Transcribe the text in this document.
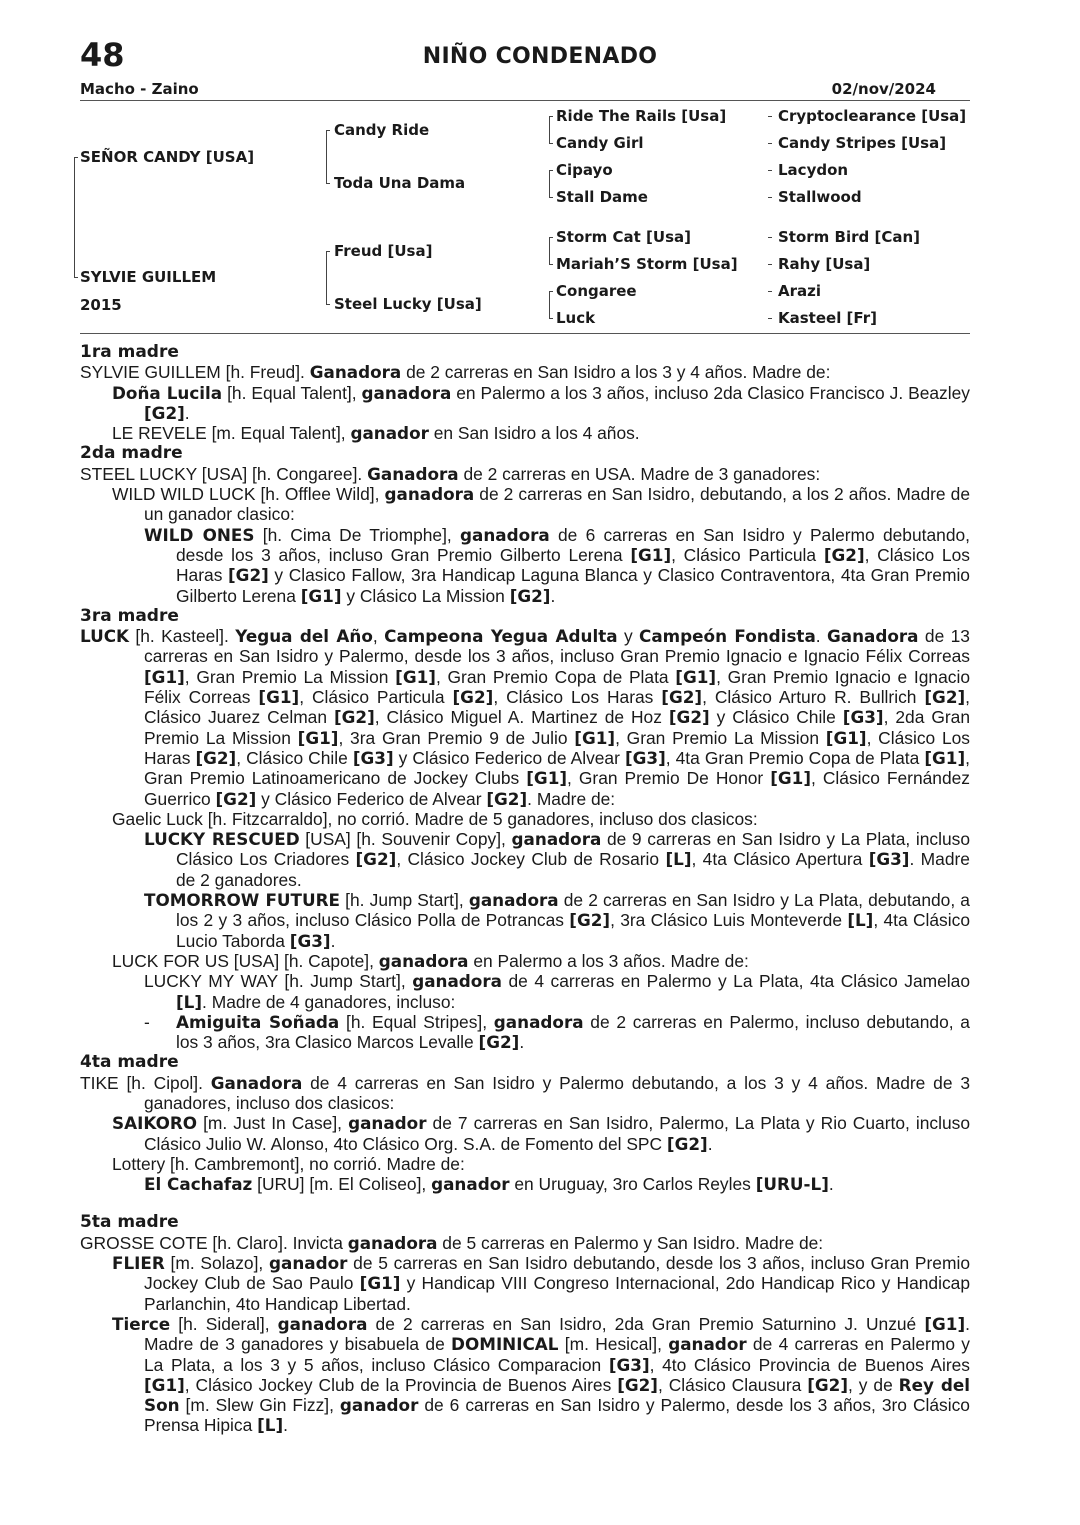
48	NIÑO CONDENADO
Macho - Zaino	02/nov/2024
SEÑOR CANDY [USA]
SYLVIE GUILLEM
2015
Candy Ride
Toda Una Dama
Freud [Usa]
Steel Lucky [Usa]
Ride The Rails [Usa]
Candy Girl
Cipayo
Stall Dame
Storm Cat [Usa]
Mariah’S Storm [Usa]
Congaree
Luck
Cryptoclearance [Usa]
Candy Stripes [Usa]
Lacydon
Stallwood
Storm Bird [Can]
Rahy [Usa]
Arazi
Kasteel [Fr]

1ra madre

SYLVIE GUILLEM [h. Freud]. Ganadora de 2 carreras en San Isidro a los 3 y 4 años. Madre de:

Doña Lucila [h. Equal Talent], ganadora en Palermo a los 3 años, incluso 2da Clasico Francisco J. Beazley [G2].

LE REVELE [m. Equal Talent], ganador en San Isidro a los 4 años.

2da madre

STEEL LUCKY [USA] [h. Congaree]. Ganadora de 2 carreras en USA. Madre de 3 ganadores:

WILD WILD LUCK [h. Offlee Wild], ganadora de 2 carreras en San Isidro, debutando, a los 2 años. Madre de un ganador clasico:

WILD ONES [h. Cima De Triomphe], ganadora de 6 carreras en San Isidro y Palermo debutando, desde los 3 años, incluso Gran Premio Gilberto Lerena [G1], Clásico Particula [G2], Clásico Los Haras [G2] y Clasico Fallow, 3ra Handicap Laguna Blanca y Clasico Contraventora, 4ta Gran Premio Gilberto Lerena [G1] y Clásico La Mission [G2].

3ra madre

LUCK [h. Kasteel]. Yegua del Año, Campeona Yegua Adulta y Campeón Fondista. Ganadora de 13 carreras en San Isidro y Palermo, desde los 3 años, incluso Gran Premio Ignacio e Ignacio Félix Correas [G1], Gran Premio La Mission [G1], Gran Premio Copa de Plata [G1], Gran Premio Ignacio e Ignacio Félix Correas [G1], Clásico Particula [G2], Clásico Los Haras [G2], Clásico Arturo R. Bullrich [G2], Clásico Juarez Celman [G2], Clásico Miguel A. Martinez de Hoz [G2] y Clásico Chile [G3], 2da Gran Premio La Mission [G1], 3ra Gran Premio 9 de Julio [G1], Gran Premio La Mission [G1], Clásico Los Haras [G2], Clásico Chile [G3] y Clásico Federico de Alvear [G3], 4ta Gran Premio Copa de Plata [G1], Gran Premio Latinoamericano de Jockey Clubs [G1], Gran Premio De Honor [G1], Clásico Fernández Guerrico [G2] y Clásico Federico de Alvear [G2]. Madre de:

Gaelic Luck [h. Fitzcarraldo], no corrió. Madre de 5 ganadores, incluso dos clasicos:

LUCKY RESCUED [USA] [h. Souvenir Copy], ganadora de 9 carreras en San Isidro y La Plata, incluso Clásico Los Criadores [G2], Clásico Jockey Club de Rosario [L], 4ta Clásico Apertura [G3]. Madre de 2 ganadores.

TOMORROW FUTURE [h. Jump Start], ganadora de 2 carreras en San Isidro y La Plata, debutando, a los 2 y 3 años, incluso Clásico Polla de Potrancas [G2], 3ra Clásico Luis Monteverde [L], 4ta Clásico Lucio Taborda [G3].

LUCK FOR US [USA] [h. Capote], ganadora en Palermo a los 3 años. Madre de:

LUCKY MY WAY [h. Jump Start], ganadora de 4 carreras en Palermo y La Plata, 4ta Clásico Jamelao [L]. Madre de 4 ganadores, incluso:

- Amiguita Soñada [h. Equal Stripes], ganadora de 2 carreras en Palermo, incluso debutando, a los 3 años, 3ra Clasico Marcos Levalle [G2].

4ta madre

TIKE [h. Cipol]. Ganadora de 4 carreras en San Isidro y Palermo debutando, a los 3 y 4 años. Madre de 3 ganadores, incluso dos clasicos:

SAIKORO [m. Just In Case], ganador de 7 carreras en San Isidro, Palermo, La Plata y Rio Cuarto, incluso Clásico Julio W. Alonso, 4to Clásico Org. S.A. de Fomento del SPC [G2].

Lottery [h. Cambremont], no corrió. Madre de:

El Cachafaz [URU] [m. El Coliseo], ganador en Uruguay, 3ro Carlos Reyles [URU-L].

5ta madre

GROSSE COTE [h. Claro]. Invicta ganadora de 5 carreras en Palermo y San Isidro. Madre de:

FLIER [m. Solazo], ganador de 5 carreras en San Isidro debutando, desde los 3 años, incluso Gran Premio Jockey Club de Sao Paulo [G1] y Handicap VIII Congreso Internacional, 2do Handicap Rico y Handicap Parlanchin, 4to Handicap Libertad.

Tierce [h. Sideral], ganadora de 2 carreras en San Isidro, 2da Gran Premio Saturnino J. Unzué [G1]. Madre de 3 ganadores y bisabuela de DOMINICAL [m. Hesical], ganador de 4 carreras en Palermo y La Plata, a los 3 y 5 años, incluso Clásico Comparacion [G3], 4to Clásico Provincia de Buenos Aires [G1], Clásico Jockey Club de la Provincia de Buenos Aires [G2], Clásico Clausura [G2], y de Rey del Son [m. Slew Gin Fizz], ganador de 6 carreras en San Isidro y Palermo, desde los 3 años, 3ro Clásico Prensa Hipica [L].
